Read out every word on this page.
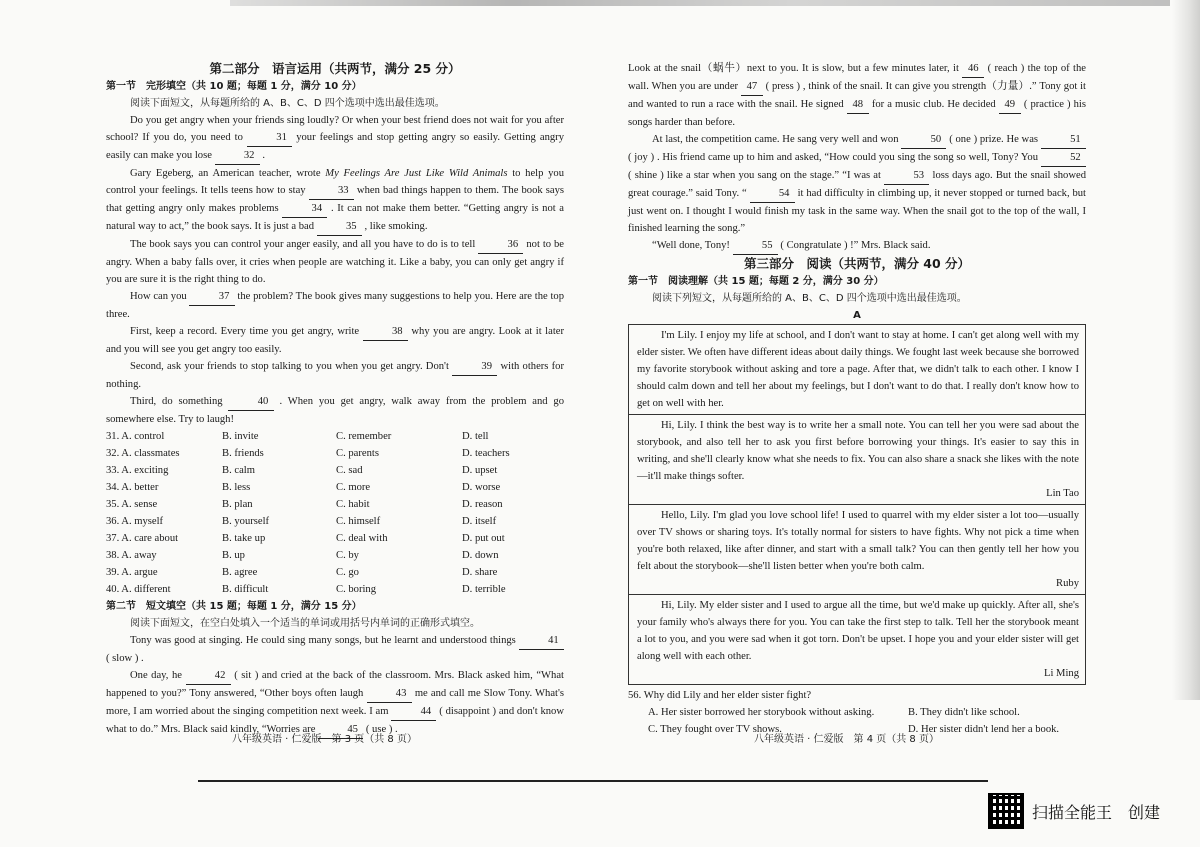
第二部分　语言运用（共两节，满分 25 分）
第一节　完形填空（共 10 题；每题 1 分，满分 10 分）

阅读下面短文，从每题所给的 A、B、C、D 四个选项中选出最佳选项。

Do you get angry when your friends sing loudly? Or when your best friend does not wait for you after school? If you do, you need to  31  your feelings and stop getting angry so easily. Getting angry easily can make you lose  32  .

Gary Egeberg, an American teacher, wrote My Feelings Are Just Like Wild Animals to help you control your feelings. It tells teens how to stay  33  when bad things happen to them. The book says that getting angry only makes problems  34  . It can not make them better. “Getting angry is not a natural way to act,” the book says. It is just a bad  35  , like smoking.

The book says you can control your anger easily, and all you have to do is to tell  36  not to be angry. When a baby falls over, it cries when people are watching it. Like a baby, you can only get angry if you are sure it is the right thing to do.

How can you  37  the problem? The book gives many suggestions to help you. Here are the top three.

First, keep a record. Every time you get angry, write  38  why you are angry. Look at it later and you will see you get angry too easily.

Second, ask your friends to stop talking to you when you get angry. Don't  39  with others for nothing.

Third, do something  40  . When you get angry, walk away from the problem and go somewhere else. Try to laugh!

31. A. control	B. invite	C. remember	D. tell
32. A. classmates	B. friends	C. parents	D. teachers
33. A. exciting	B. calm	C. sad	D. upset
34. A. better	B. less	C. more	D. worse
35. A. sense	B. plan	C. habit	D. reason
36. A. myself	B. yourself	C. himself	D. itself
37. A. care about	B. take up	C. deal with	D. put out
38. A. away	B. up	C. by	D. down
39. A. argue	B. agree	C. go	D. share
40. A. different	B. difficult	C. boring	D. terrible
第二节　短文填空（共 15 题；每题 1 分，满分 15 分）

阅读下面短文，在空白处填入一个适当的单词或用括号内单词的正确形式填空。

Tony was good at singing. He could sing many songs, but he learnt and understood things  41  ( slow ) .

One day, he  42  ( sit ) and cried at the back of the classroom. Mrs. Black asked him, “What happened to you?” Tony answered, “Other boys often laugh  43  me and call me Slow Tony. What's more, I am worried about the singing competition next week. I am  44  ( disappoint ) and don't know what to do.” Mrs. Black said kindly, “Worries are  45  ( use ) .

Look at the snail（蜗牛）next to you. It is slow, but a few minutes later, it  46  ( reach ) the top of the wall. When you are under  47  ( press ) , think of the snail. It can give you strength（力量）.” Tony got it and wanted to run a race with the snail. He signed  48  for a music club. He decided  49  ( practice ) his songs harder than before.

At last, the competition came. He sang very well and won  50  ( one ) prize. He was  51  ( joy ) . His friend came up to him and asked, “How could you sing the song so well, Tony? You  52  ( shine ) like a star when you sang on the stage.” “I was at  53  loss days ago. But the snail showed great courage.” said Tony. “  54  it had difficulty in climbing up, it never stopped or turned back, but just went on. I thought I would finish my task in the same way. When the snail got to the top of the wall, I finished learning the song.”

“Well done, Tony!  55  ( Congratulate ) !” Mrs. Black said.

第三部分　阅读（共两节，满分 40 分）
第一节　阅读理解（共 15 题；每题 2 分，满分 30 分）

阅读下列短文，从每题所给的 A、B、C、D 四个选项中选出最佳选项。

A

I'm Lily. I enjoy my life at school, and I don't want to stay at home. I can't get along well with my elder sister. We often have different ideas about daily things. We fought last week because she borrowed my favorite storybook without asking and tore a page. After that, we didn't talk to each other. I know I should calm down and tell her about my feelings, but I don't want to do that. I really don't know how to get on well with her.

Hi, Lily. I think the best way is to write her a small note. You can tell her you were sad about the storybook, and also tell her to ask you first before borrowing your things. It's easier to say this in writing, and she'll clearly know what she needs to fix. You can also share a snack she likes with the note—it'll make things softer.

Lin Tao

Hello, Lily. I'm glad you love school life! I used to quarrel with my elder sister a lot too—usually over TV shows or sharing toys. It's totally normal for sisters to have fights. Why not pick a time when you're both relaxed, like after dinner, and start with a small talk? You can then gently tell her how you felt about the storybook—she'll listen better when you're both calm.

Ruby

Hi, Lily. My elder sister and I used to argue all the time, but we'd make up quickly. After all, she's your family who's always there for you. You can take the first step to talk. Tell her the storybook meant a lot to you, and you were sad when it got torn. Don't be upset. I hope you and your elder sister will get along well with each other.

Li Ming

56. Why did Lily and her elder sister fight?

A. Her sister borrowed her storybook without asking.	B. They didn't like school.
C. They fought over TV shows.	D. Her sister didn't lend her a book.
八年级英语 · 仁爱版　第 3 页（共 8 页）	八年级英语 · 仁爱版　第 4 页（共 8 页）
扫描全能王　创建
